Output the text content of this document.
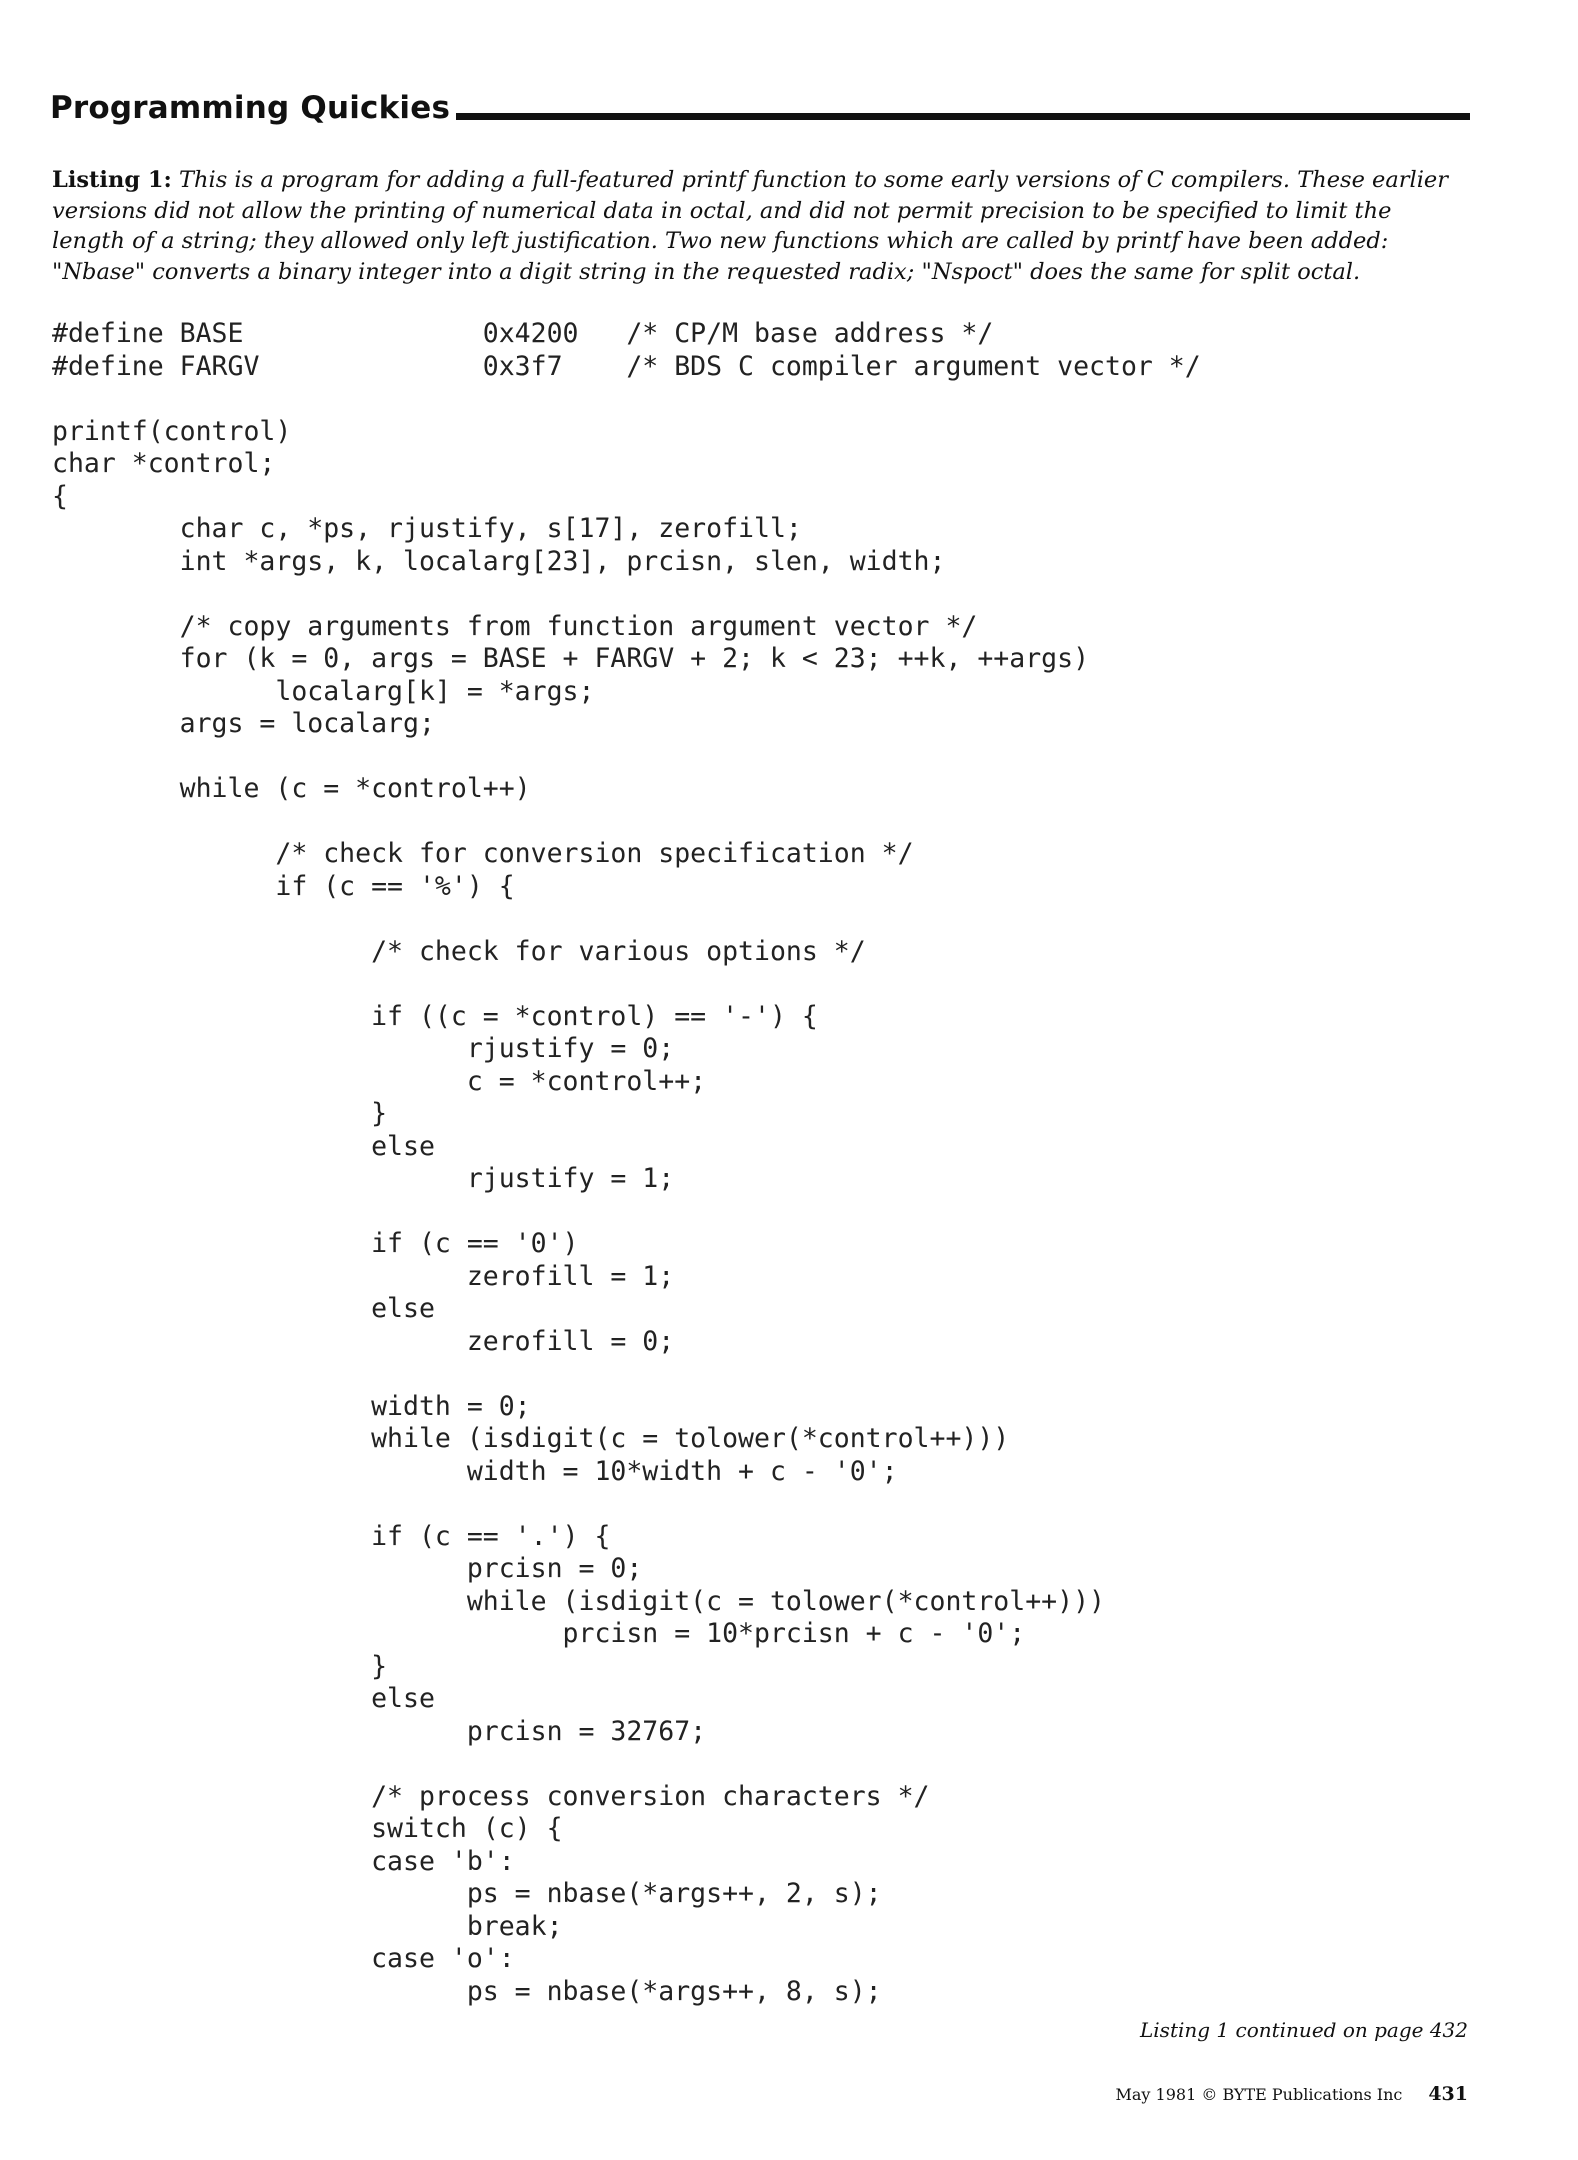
Programming Quickies
Listing 1: This is a program for adding a full-featured printf function to some early versions of C compilers. These earlier versions did not allow the printing of numerical data in octal, and did not permit precision to be specified to limit the length of a string; they allowed only left justification. Two new functions which are called by printf have been added: "Nbase" converts a binary integer into a digit string in the requested radix; "Nspoct" does the same for split octal.
#define BASE               0x4200   /* CP/M base address */
#define FARGV              0x3f7    /* BDS C compiler argument vector */

printf(control)
char *control;
{
char c, *ps, rjustify, s[17], zerofill;
int *args, k, localarg[23], prcisn, slen, width;

/* copy arguments from function argument vector */
for (k = 0, args = BASE + FARGV + 2; k < 23; ++k, ++args)
localarg[k] = *args;
args = localarg;

while (c = *control++)

/* check for conversion specification */
if (c == '%') {

/* check for various options */

if ((c = *control) == '-') {
rjustify = 0;
c = *control++;
}
else
rjustify = 1;

if (c == '0')
zerofill = 1;
else
zerofill = 0;

width = 0;
while (isdigit(c = tolower(*control++)))
width = 10*width + c - '0';

if (c == '.') {
prcisn = 0;
while (isdigit(c = tolower(*control++)))
prcisn = 10*prcisn + c - '0';
}
else
prcisn = 32767;

/* process conversion characters */
switch (c) {
case 'b':
ps = nbase(*args++, 2, s);
break;
case 'o':
ps = nbase(*args++, 8, s);
Listing 1 continued on page 432
May 1981 © BYTE Publications Inc 431
